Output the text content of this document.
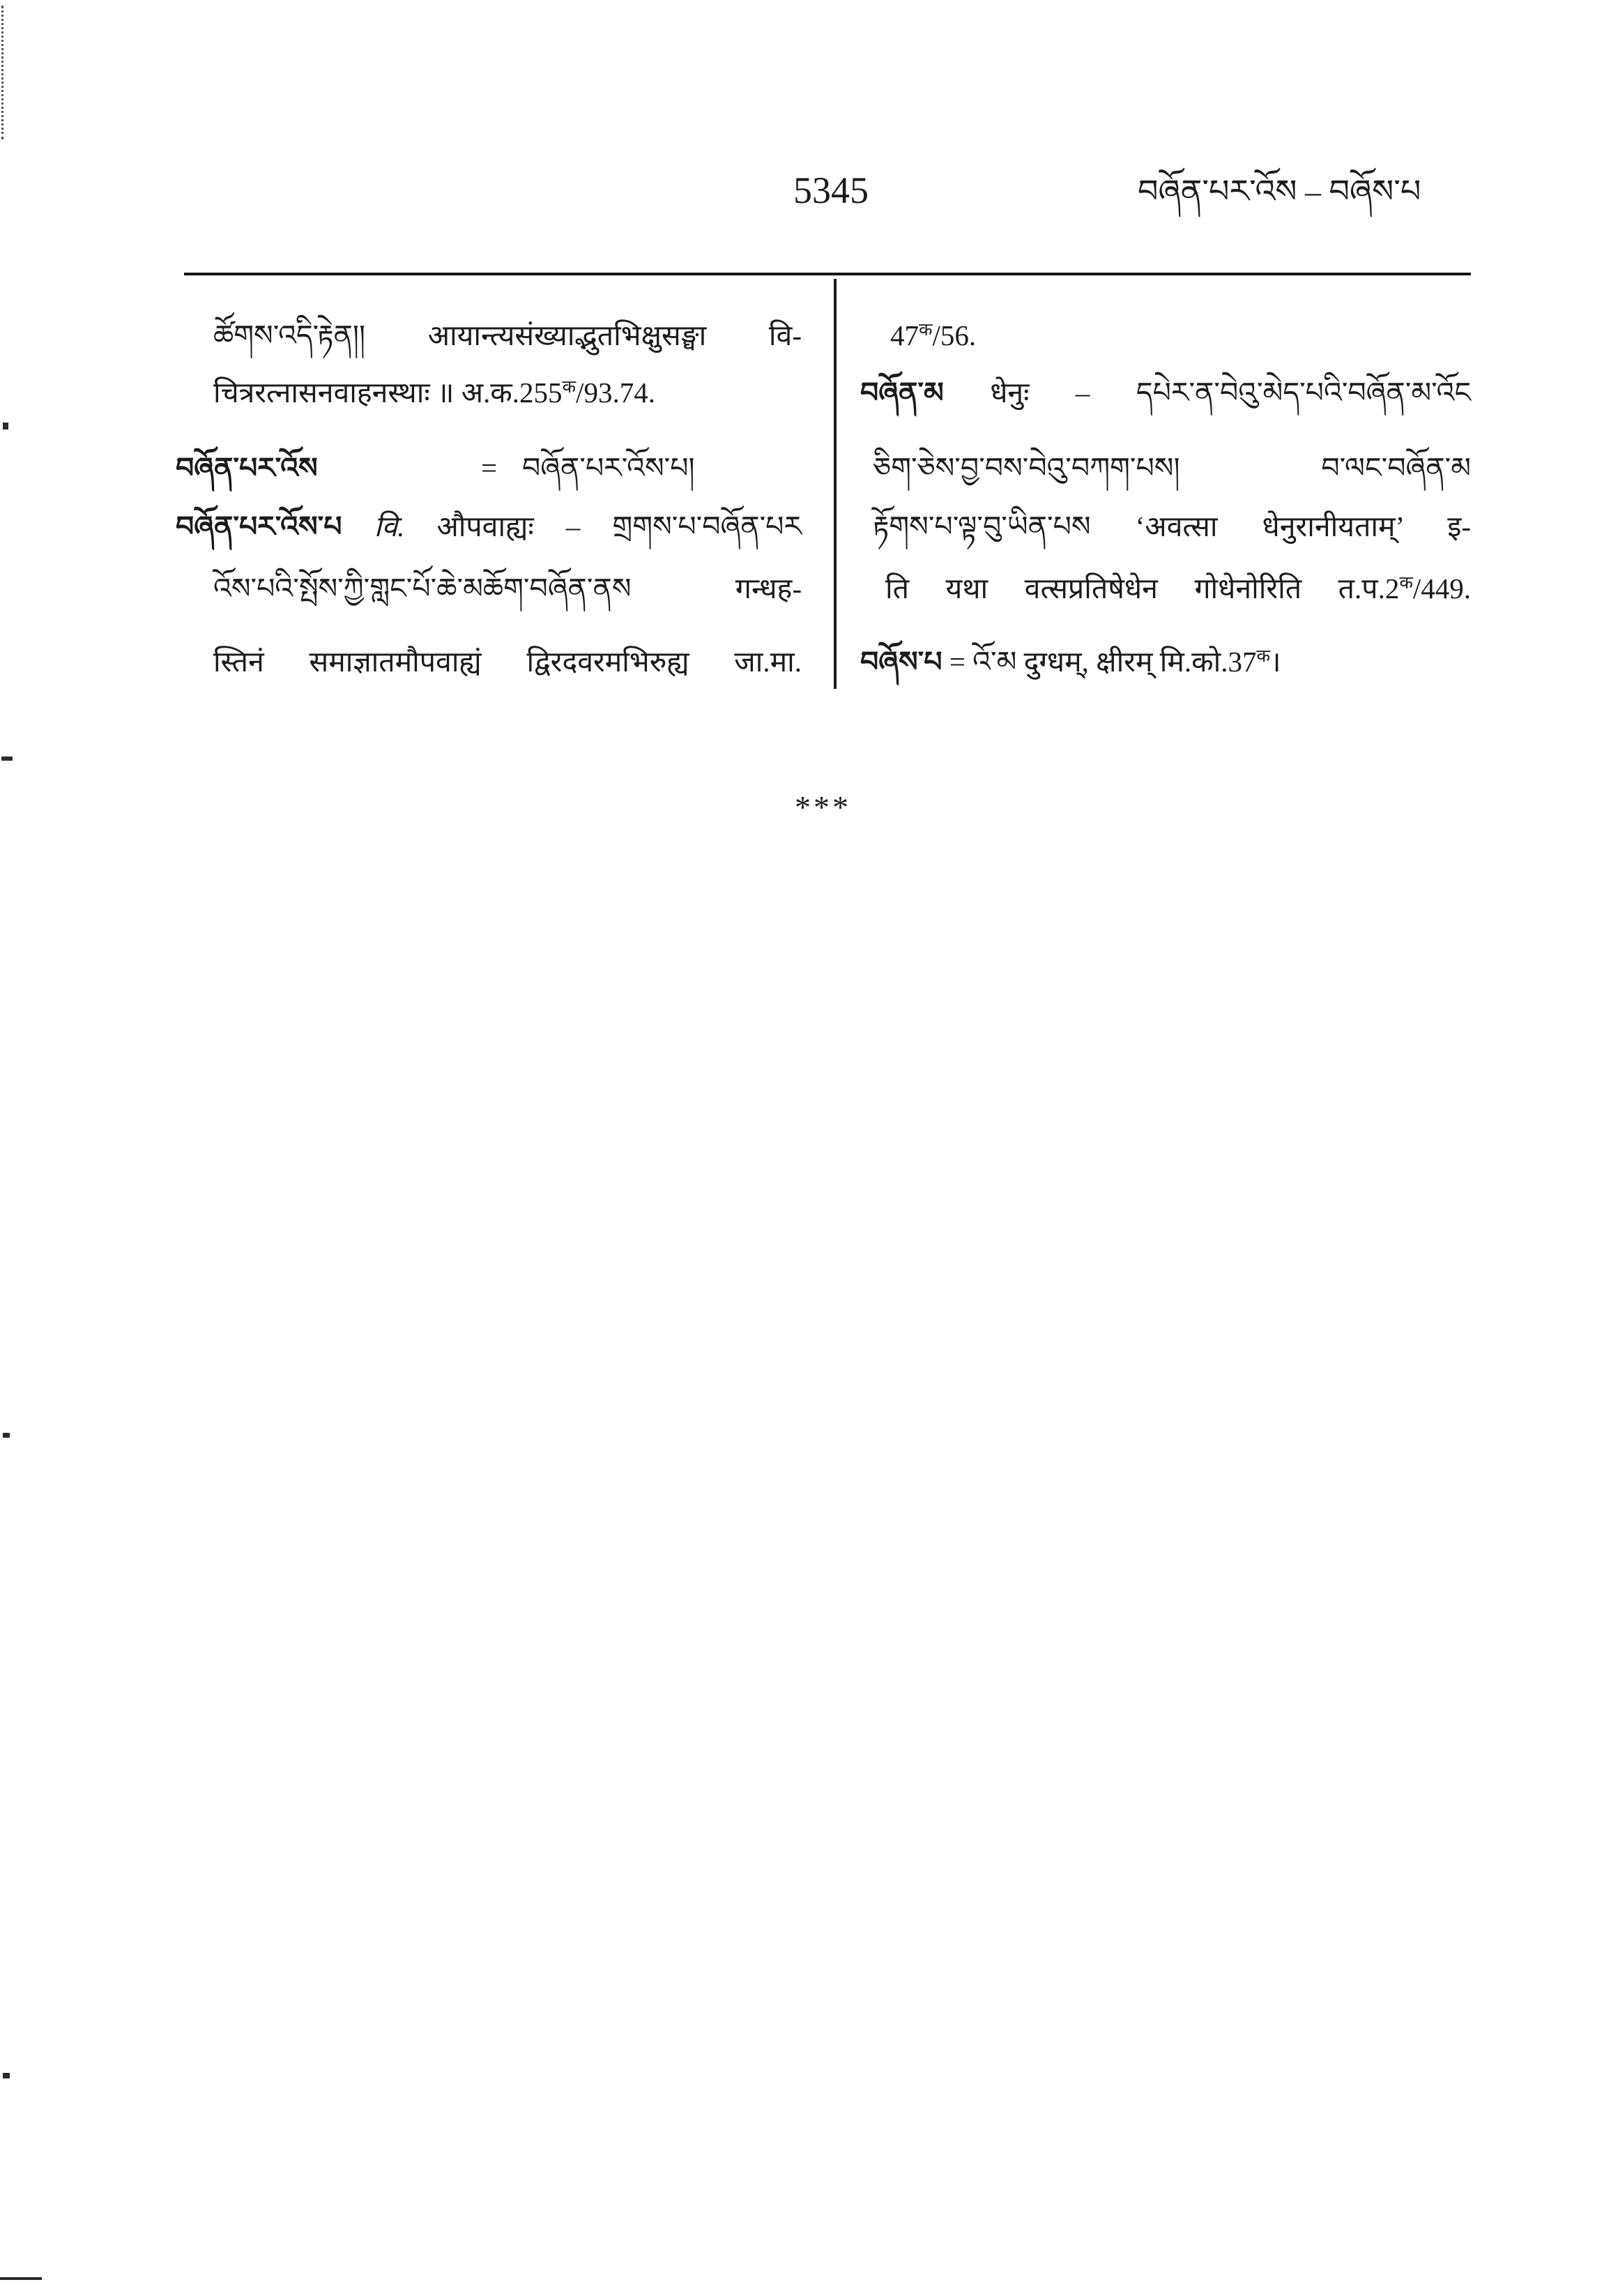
5345	བཞོན་པར་འོས – བཞོས་པ
ཚོགས་འདི་རྟེན།། आयान्त्यसंख्याद्भुतभिक्षुसङ्घा वि-
चित्ररत्नासनवाहनस्थाः ॥ $अ.क.255^क/93.74$.
བཞོན་པར་འོས	= བཞོན་པར་འོས་པ།
བཞོན་པར་འོས་པ वि. औपवाह्यः – གྲགས་པ་བཞོན་པར
འོས་པའི་སྤོས་ཀྱི་གླང་པོ་ཆེ་མཆོག་བཞོན་ནས गन्धह-
स्तिनं समाज्ञातमौपवाह्यं द्विरदवरमभिरुह्य जा.मा.
$47^क/56$.
བཞོན་མ धेनुः – དཔེར་ན་བེའུ་མེད་པའི་བཞོན་མ་འོང
ཅིག་ཅེས་བྱ་བས་བེའུ་བཀག་པས། བ་ལང་བཞོན་མ
རྟོགས་པ་ལྟ་བུ་ཡིན་པས ‘अवत्सा धेनुरानीयताम्’ इ-
ति यथा वत्सप्रतिषेधेन गोधेनोरिति $त.प.2^क/449$.
བཞོས་པ = འོ་མ दुग्धम्, क्षीरम् $मि.को.37^क।$
***
